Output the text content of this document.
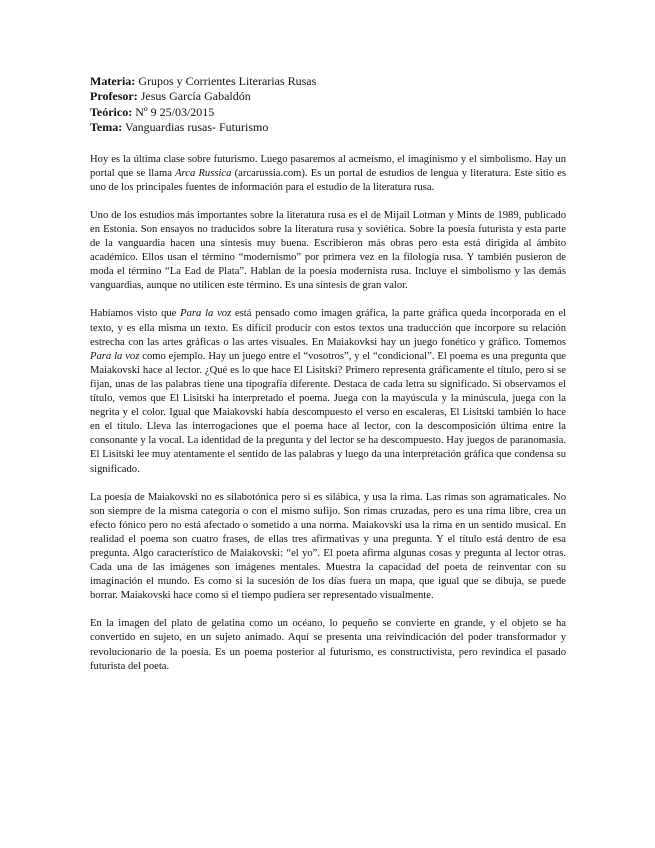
Materia: Grupos y Corrientes Literarias Rusas
Profesor: Jesus García Gabaldón
Teórico: Nº 9 25/03/2015
Tema: Vanguardias rusas- Futurismo

Hoy es la última clase sobre futurismo. Luego pasaremos al acmeísmo, el imaginismo y el simbolismo. Hay un portal que se llama Arca Russica (arcarussia.com). Es un portal de estudios de lengua y literatura. Este sitio es uno de los principales fuentes de información para el estudio de la literatura rusa.

Uno de los estudios más importantes sobre la literatura rusa es el de Mijail Lotman y Mints de 1989, publicado en Estonia. Son ensayos no traducidos sobre la literatura rusa y soviética. Sobre la poesía futurista y esta parte de la vanguardia hacen una síntesis muy buena. Escribieron más obras pero esta está dirigida al ámbito académico. Ellos usan el término “modernismo” por primera vez en la filología rusa. Y también pusieron de moda el término “La Ead de Plata”. Hablan de la poesía modernista rusa. Incluye el simbolismo y las demás vanguardias, aunque no utilicen este término. Es una síntesis de gran valor.

Habíamos visto que Para la voz está pensado como imagen gráfica, la parte gráfica queda incorporada en el texto, y es ella misma un texto. Es difícil producir con estos textos una traducción que incorpore su relación estrecha con las artes gráficas o las artes visuales. En Maiakovksi hay un juego fonético y gráfico. Tomemos Para la voz como ejemplo. Hay un juego entre el “vosotros”, y el “condicional”. El poema es una pregunta que Maiakovski hace al lector. ¿Qué es lo que hace El Lisitski? Primero representa gráficamente el título, pero si se fijan, unas de las palabras tiene una tipografía diferente. Destaca de cada letra su significado. Si observamos el título, vemos que El Lisitski ha interpretado el poema. Juega con la mayúscula y la minúscula, juega con la negrita y el color. Igual que Maiakovski había descompuesto el verso en escaleras, El Lisitski también lo hace en el título. Lleva las interrogaciones que el poema hace al lector, con la descomposición última entre la consonante y la vocal. La identidad de la pregunta y del lector se ha descompuesto. Hay juegos de paranomasia. El Lisitski lee muy atentamente el sentido de las palabras y luego da una interpretación gráfica que condensa su significado.

La poesía de Maiakovski no es silabotónica pero si es silábica, y usa la rima. Las rimas son agramaticales. No son siempre de la misma categoría o con el mismo sufijo. Son rimas cruzadas, pero es una rima libre, crea un efecto fónico pero no está afectado o sometido a una norma. Maiakovski usa la rima en un sentido musical. En realidad el poema son cuatro frases, de ellas tres afirmativas y una pregunta. Y el título está dentro de esa pregunta. Algo característico de Maiakovski: “el yo”. El poeta afirma algunas cosas y pregunta al lector otras. Cada una de las imágenes son imágenes mentales. Muestra la capacidad del poeta de reinventar con su imaginación el mundo. Es como si la sucesión de los días fuera un mapa, que igual que se dibuja, se puede borrar. Maiakovski hace como si el tiempo pudiera ser representado visualmente.

En la imagen del plato de gelatina como un océano, lo pequeño se convierte en grande, y el objeto se ha convertido en sujeto, en un sujeto animado. Aquí se presenta una reivindicación del poder transformador y revolucionario de la poesía. Es un poema posterior al futurismo, es constructivista, pero revindica el pasado futurista del poeta.
